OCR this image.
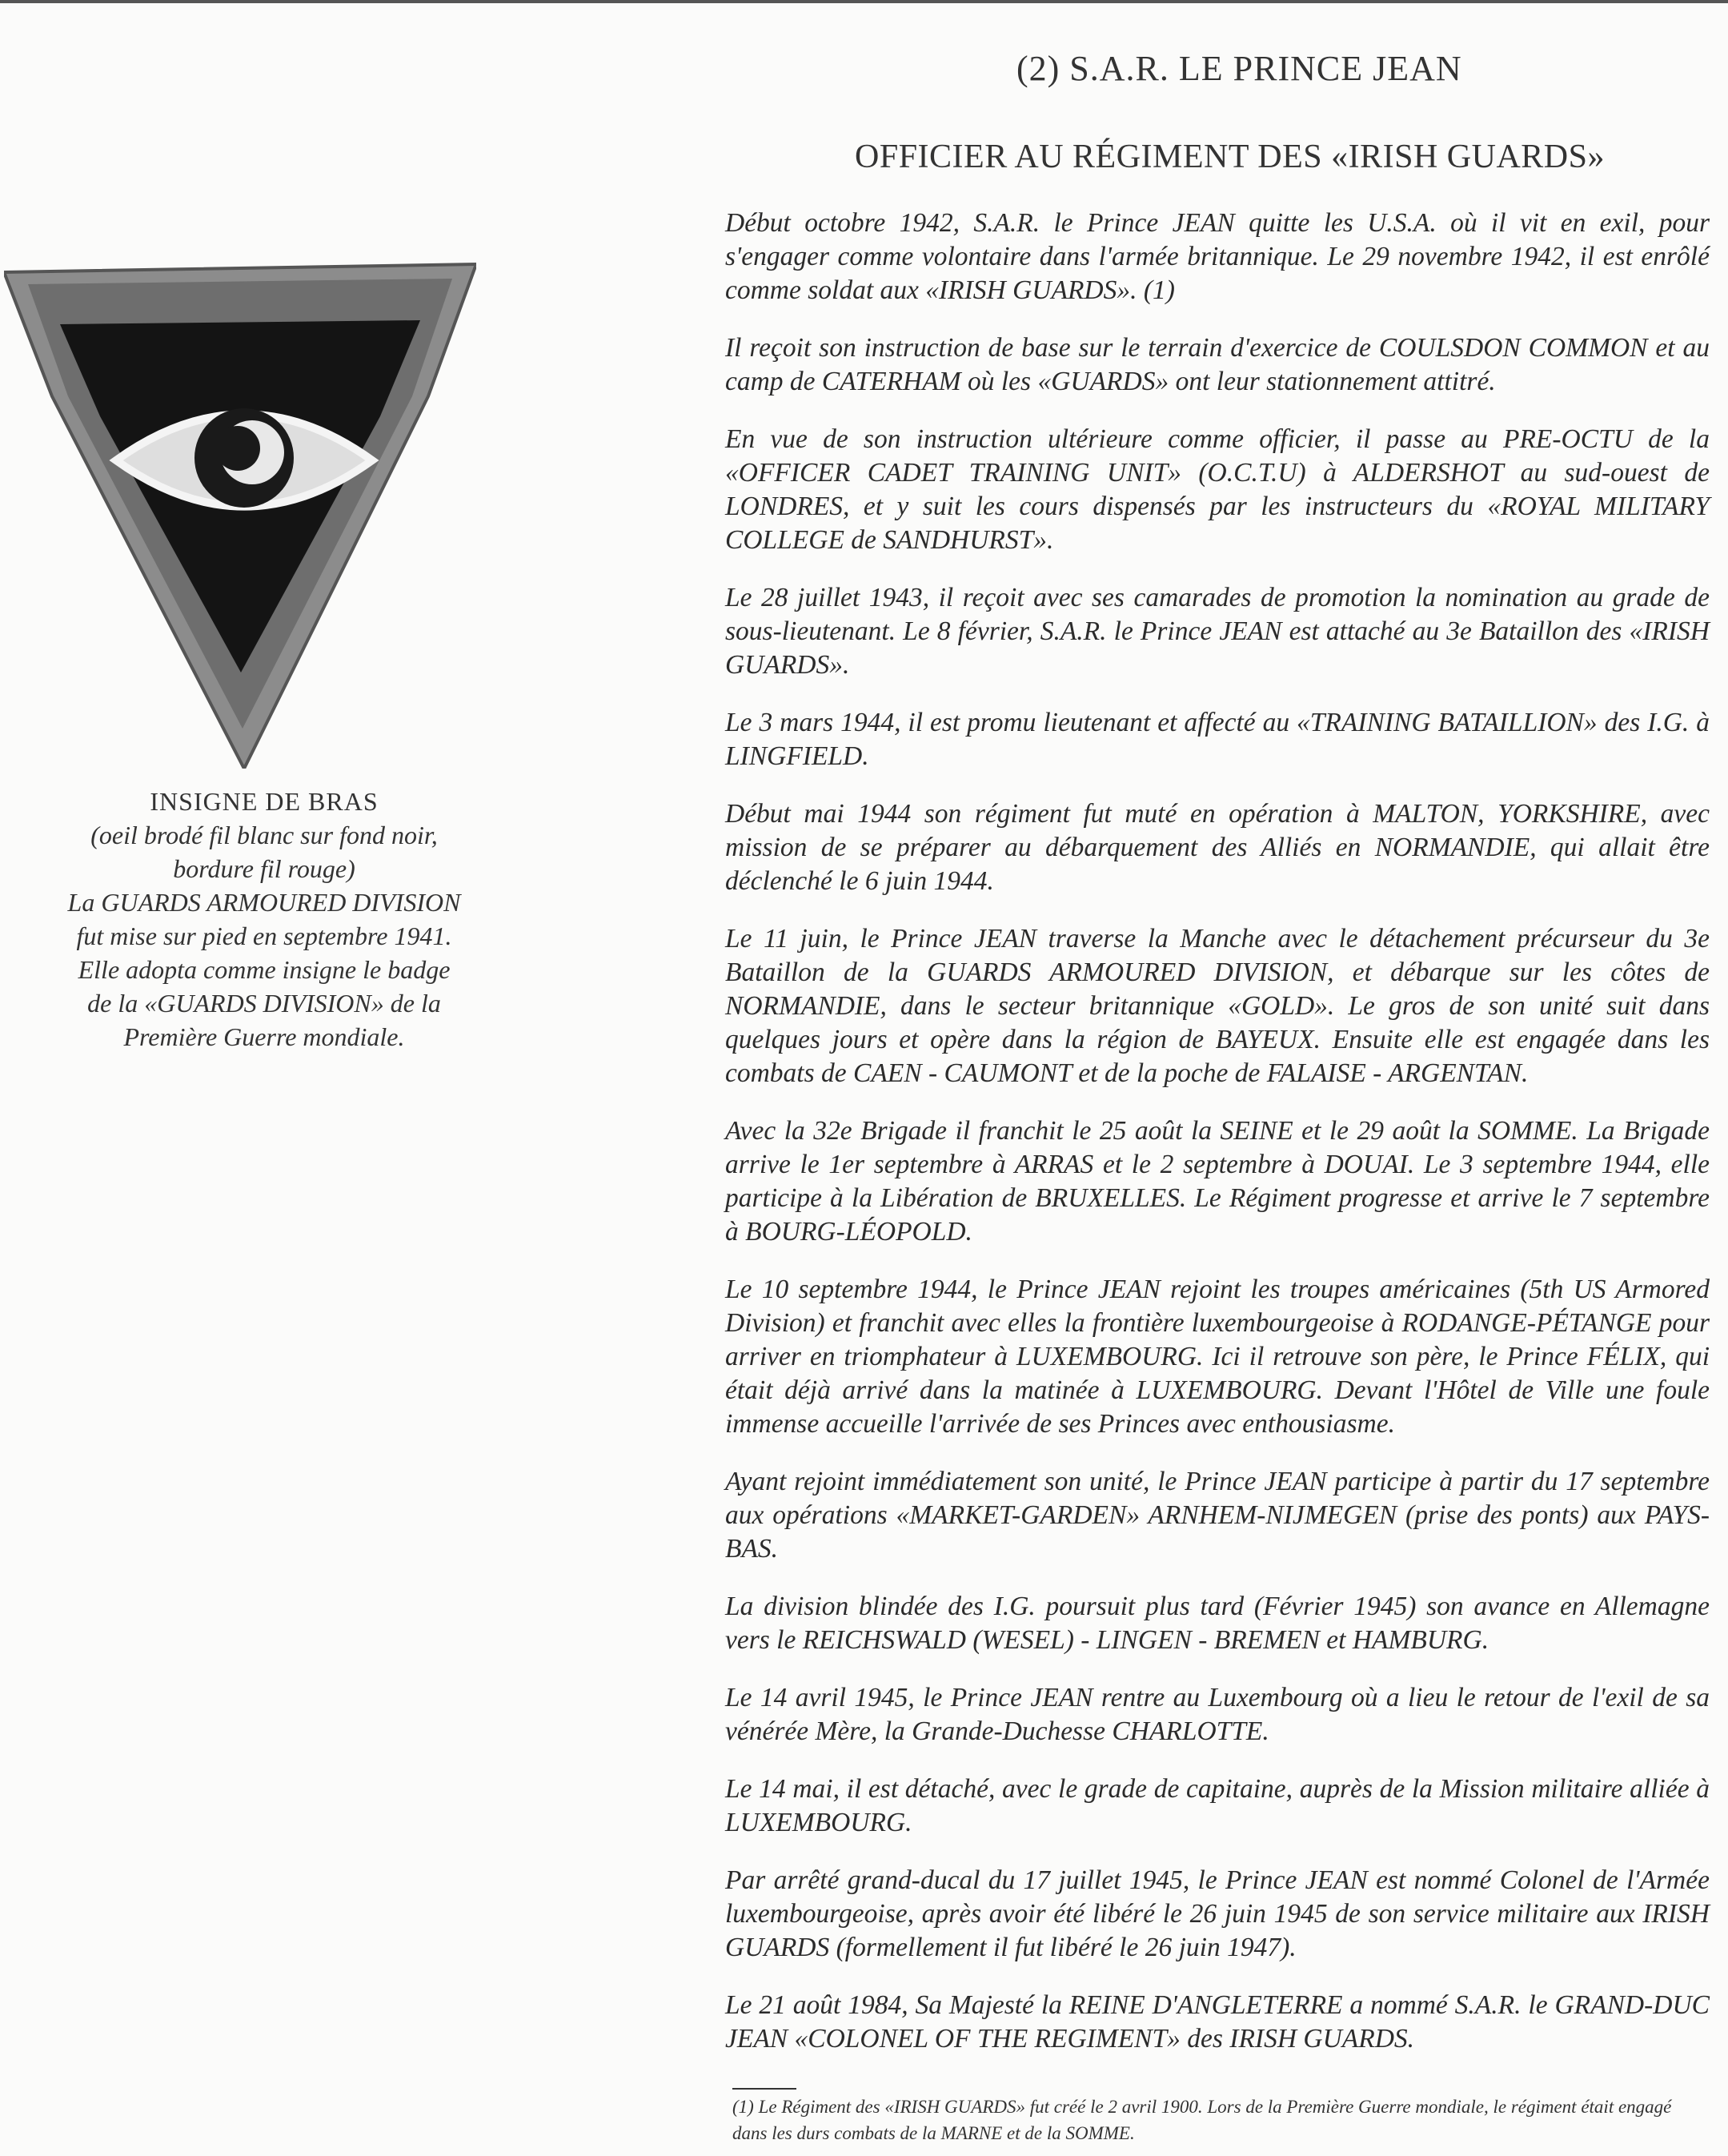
INSIGNE DE BRAS
(oeil brodé fil blanc sur fond noir,
bordure fil rouge)
La GUARDS ARMOURED DIVISION
fut mise sur pied en septembre 1941.
Elle adopta comme insigne le badge
de la «GUARDS DIVISION» de la
Première Guerre mondiale.
(2) S.A.R. LE PRINCE JEAN
OFFICIER AU RÉGIMENT DES «IRISH GUARDS»

Début octobre 1942, S.A.R. le Prince JEAN quitte les U.S.A. où il vit en exil, pour s'engager comme volontaire dans l'armée britannique. Le 29 novembre 1942, il est enrôlé comme soldat aux «IRISH GUARDS». (1)

Il reçoit son instruction de base sur le terrain d'exercice de COULSDON COMMON et au camp de CATERHAM où les «GUARDS» ont leur stationnement attitré.

En vue de son instruction ultérieure comme officier, il passe au PRE-OCTU de la «OFFICER CADET TRAINING UNIT» (O.C.T.U) à ALDERSHOT au sud-ouest de LONDRES, et y suit les cours dispensés par les instructeurs du «ROYAL MILITARY COLLEGE de SANDHURST».

Le 28 juillet 1943, il reçoit avec ses camarades de promotion la nomination au grade de sous-lieutenant. Le 8 février, S.A.R. le Prince JEAN est attaché au 3e Bataillon des «IRISH GUARDS».

Le 3 mars 1944, il est promu lieutenant et affecté au «TRAINING BATAILLION» des I.G. à LINGFIELD.

Début mai 1944 son régiment fut muté en opération à MALTON, YORKSHIRE, avec mission de se préparer au débarquement des Alliés en NORMANDIE, qui allait être déclenché le 6 juin 1944.

Le 11 juin, le Prince JEAN traverse la Manche avec le détachement précurseur du 3e Bataillon de la GUARDS ARMOURED DIVISION, et débarque sur les côtes de NORMANDIE, dans le secteur britannique «GOLD». Le gros de son unité suit dans quelques jours et opère dans la région de BAYEUX. Ensuite elle est engagée dans les combats de CAEN - CAUMONT et de la poche de FALAISE - ARGENTAN.

Avec la 32e Brigade il franchit le 25 août la SEINE et le 29 août la SOMME. La Brigade arrive le 1er septembre à ARRAS et le 2 septembre à DOUAI. Le 3 septembre 1944, elle participe à la Libération de BRUXELLES. Le Régiment progresse et arrive le 7 septembre à BOURG-LÉOPOLD.

Le 10 septembre 1944, le Prince JEAN rejoint les troupes américaines (5th US Armored Division) et franchit avec elles la frontière luxembourgeoise à RODANGE-PÉTANGE pour arriver en triomphateur à LUXEMBOURG. Ici il retrouve son père, le Prince FÉLIX, qui était déjà arrivé dans la matinée à LUXEMBOURG. Devant l'Hôtel de Ville une foule immense accueille l'arrivée de ses Princes avec enthousiasme.

Ayant rejoint immédiatement son unité, le Prince JEAN participe à partir du 17 septembre aux opérations «MARKET-GARDEN» ARNHEM-NIJMEGEN (prise des ponts) aux PAYS-BAS.

La division blindée des I.G. poursuit plus tard (Février 1945) son avance en Allemagne vers le REICHSWALD (WESEL) - LINGEN - BREMEN et HAMBURG.

Le 14 avril 1945, le Prince JEAN rentre au Luxembourg où a lieu le retour de l'exil de sa vénérée Mère, la Grande-Duchesse CHARLOTTE.

Le 14 mai, il est détaché, avec le grade de capitaine, auprès de la Mission militaire alliée à LUXEMBOURG.

Par arrêté grand-ducal du 17 juillet 1945, le Prince JEAN est nommé Colonel de l'Armée luxembourgeoise, après avoir été libéré le 26 juin 1945 de son service militaire aux IRISH GUARDS (formellement il fut libéré le 26 juin 1947).

Le 21 août 1984, Sa Majesté la REINE D'ANGLETERRE a nommé S.A.R. le GRAND-DUC JEAN «COLONEL OF THE REGIMENT» des IRISH GUARDS.

(1) Le Régiment des «IRISH GUARDS» fut créé le 2 avril 1900. Lors de la Première Guerre mondiale, le régiment était engagé dans les durs combats de la MARNE et de la SOMME.
